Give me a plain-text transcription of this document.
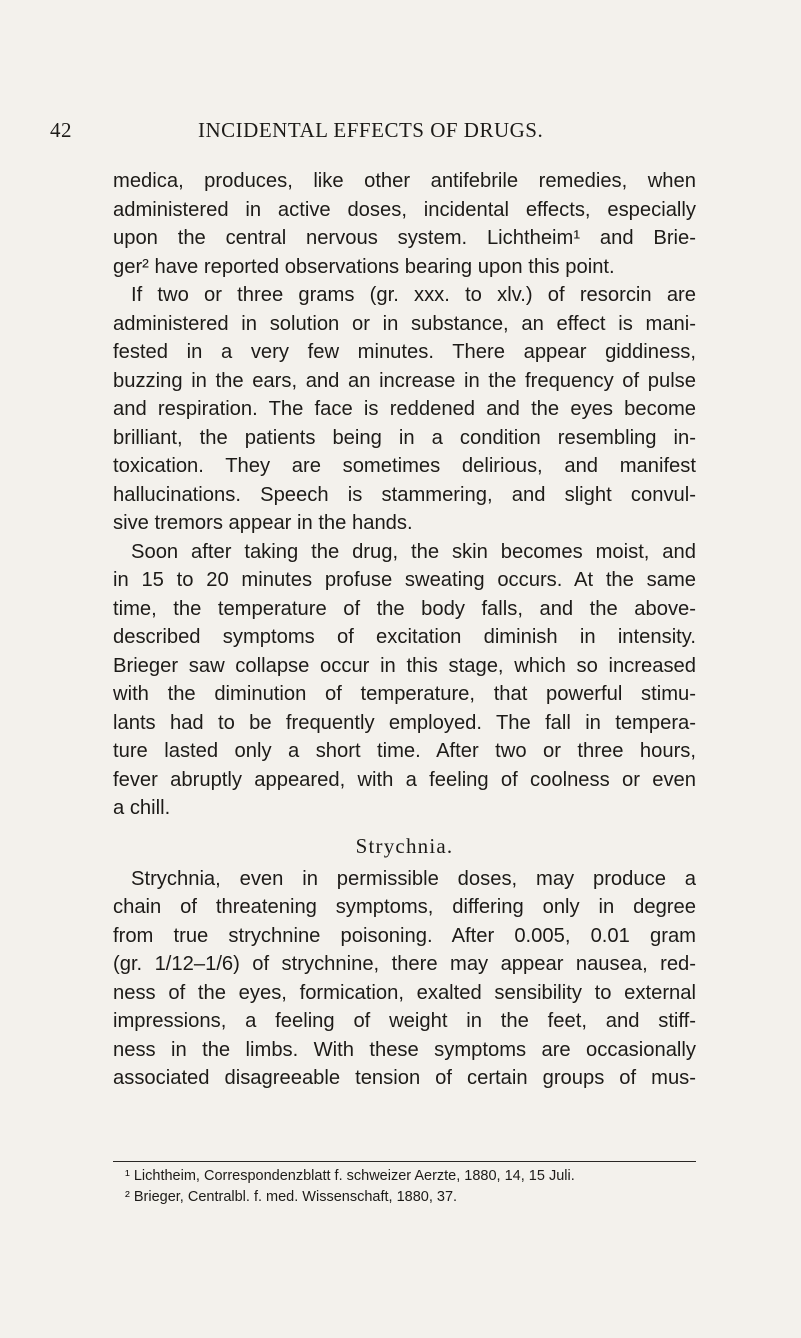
42	INCIDENTAL EFFECTS OF DRUGS.
medica, produces, like other antifebrile remedies, when
administered in active doses, incidental effects, especially
upon the central nervous system. Lichtheim¹ and Brie-
ger² have reported observations bearing upon this point.
If two or three grams (gr. xxx. to xlv.) of resorcin are
administered in solution or in substance, an effect is mani-
fested in a very few minutes. There appear giddiness,
buzzing in the ears, and an increase in the frequency of pulse
and respiration. The face is reddened and the eyes become
brilliant, the patients being in a condition resembling in-
toxication. They are sometimes delirious, and manifest
hallucinations. Speech is stammering, and slight convul-
sive tremors appear in the hands.
Soon after taking the drug, the skin becomes moist, and
in 15 to 20 minutes profuse sweating occurs. At the same
time, the temperature of the body falls, and the above-
described symptoms of excitation diminish in intensity.
Brieger saw collapse occur in this stage, which so increased
with the diminution of temperature, that powerful stimu-
lants had to be frequently employed. The fall in tempera-
ture lasted only a short time. After two or three hours,
fever abruptly appeared, with a feeling of coolness or even
a chill.
Strychnia.
Strychnia, even in permissible doses, may produce a
chain of threatening symptoms, differing only in degree
from true strychnine poisoning. After 0.005, 0.01 gram
(gr. 1/12–1/6) of strychnine, there may appear nausea, red-
ness of the eyes, formication, exalted sensibility to external
impressions, a feeling of weight in the feet, and stiff-
ness in the limbs. With these symptoms are occasionally
associated disagreeable tension of certain groups of mus-
¹ Lichtheim, Correspondenzblatt f. schweizer Aerzte, 1880, 14, 15 Juli.
² Brieger, Centralbl. f. med. Wissenschaft, 1880, 37.
